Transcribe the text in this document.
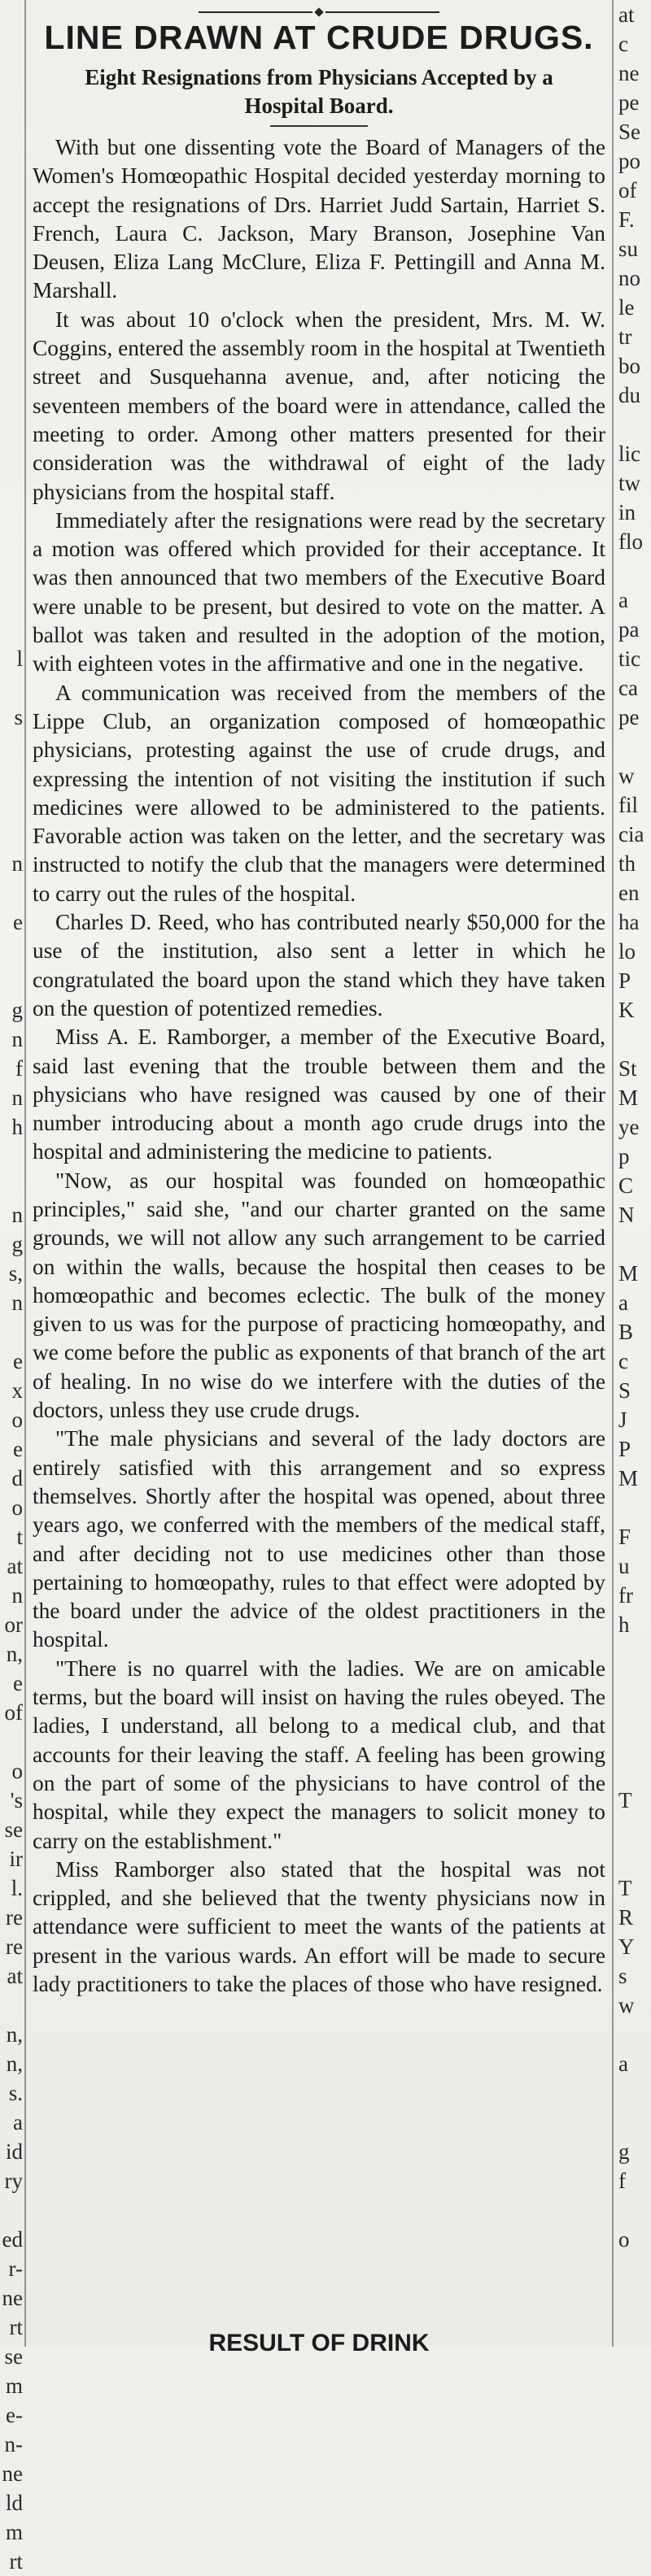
l
s
n
e
g
n
f
n
h
n
g
s,
n
e
x
o
e
d
o
t
at
n
or
n,
e
of
o
's
se
ir
l.
re
re
at
n,
n,
s.
a
id
ry
ed
r-
ne
rt
se
m
e-
n-
ne
ld
m
rt
LINE DRAWN AT CRUDE DRUGS.
Eight Resignations from Physicians Accepted by a Hospital Board.

With but one dissenting vote the Board of Managers of the Women's Homœopathic Hospital decided yesterday morning to accept the resignations of Drs. Harriet Judd Sartain, Harriet S. French, Laura C. Jackson, Mary Branson, Josephine Van Deusen, Eliza Lang McClure, Eliza F. Pettingill and Anna M. Marshall.

It was about 10 o'clock when the president, Mrs. M. W. Coggins, entered the assembly room in the hospital at Twentieth street and Susquehanna avenue, and, after noticing the seventeen members of the board were in attendance, called the meeting to order. Among other matters presented for their consideration was the withdrawal of eight of the lady physicians from the hospital staff.

Immediately after the resignations were read by the secretary a motion was offered which provided for their acceptance. It was then announced that two members of the Executive Board were unable to be present, but desired to vote on the matter. A ballot was taken and resulted in the adoption of the motion, with eighteen votes in the affirmative and one in the negative.

A communication was received from the members of the Lippe Club, an organization composed of homœopathic physicians, protesting against the use of crude drugs, and expressing the intention of not visiting the institution if such medicines were allowed to be administered to the patients. Favorable action was taken on the letter, and the secretary was instructed to notify the club that the managers were determined to carry out the rules of the hospital.

Charles D. Reed, who has contributed nearly $50,000 for the use of the institution, also sent a letter in which he congratulated the board upon the stand which they have taken on the question of potentized remedies.

Miss A. E. Ramborger, a member of the Executive Board, said last evening that the trouble between them and the physicians who have resigned was caused by one of their number introducing about a month ago crude drugs into the hospital and administering the medicine to patients.

"Now, as our hospital was founded on homœopathic principles," said she, "and our charter granted on the same grounds, we will not allow any such arrangement to be carried on within the walls, because the hospital then ceases to be homœopathic and becomes eclectic. The bulk of the money given to us was for the purpose of practicing homœopathy, and we come before the public as exponents of that branch of the art of healing. In no wise do we interfere with the duties of the doctors, unless they use crude drugs.

"The male physicians and several of the lady doctors are entirely satisfied with this arrangement and so express themselves. Shortly after the hospital was opened, about three years ago, we conferred with the members of the medical staff, and after deciding not to use medicines other than those pertaining to homœopathy, rules to that effect were adopted by the board under the advice of the oldest practitioners in the hospital.

"There is no quarrel with the ladies. We are on amicable terms, but the board will insist on having the rules obeyed. The ladies, I understand, all belong to a medical club, and that accounts for their leaving the staff. A feeling has been growing on the part of some of the physicians to have control of the hospital, while they expect the managers to solicit money to carry on the establishment."

Miss Ramborger also stated that the hospital was not crippled, and she believed that the twenty physicians now in attendance were sufficient to meet the wants of the patients at present in the various wards. An effort will be made to secure lady practitioners to take the places of those who have resigned.

RESULT OF DRINK
at
c
ne
pe
Se
po
of
F.
su
no
le
tr
bo
du
lic
tw
in
flo
a
pa
tic
ca
pe
w
fil
cia
th
en
ha
lo
P
K
St
M
ye
p
C
N
M
a
B
c
S
J
P
M
F
u
fr
h
T
T
R
Y
s
w
a
g
f
o
